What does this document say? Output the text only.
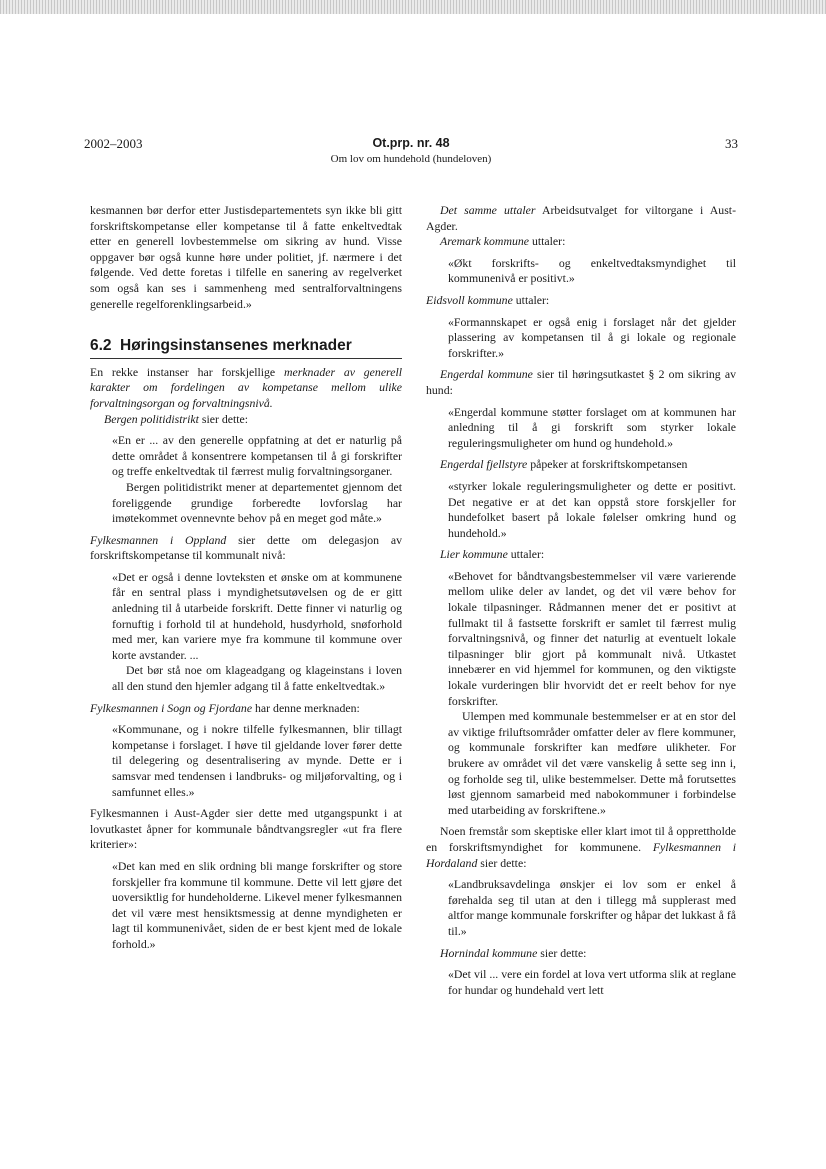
2002–2003	Ot.prp. nr. 48
Om lov om hundehold (hundeloven)
33

kesmannen bør derfor etter Justisdepartementets syn ikke bli gitt forskriftskompetanse eller kompetanse til å fatte enkeltvedtak etter en generell lovbestemmelse om sikring av hund. Visse oppgaver bør også kunne høre under politiet, jf. nærmere i det følgende. Ved dette foretas i tilfelle en sanering av regelverket som også kan ses i sammenheng med sentralforvaltningens generelle regelforenklingsarbeid.»

6.2 Høringsinstansenes merknader

En rekke instanser har forskjellige merknader av generell karakter om fordelingen av kompetanse mellom ulike forvaltningsorgan og forvaltningsnivå.

Bergen politidistrikt sier dette:

«En er ... av den generelle oppfatning at det er naturlig på dette området å konsentrere kompetansen til å gi forskrifter og treffe enkeltvedtak til færrest mulig forvaltningsorganer.

Bergen politidistrikt mener at departementet gjennom det foreliggende grundige forberedte lovforslag har imøtekommet ovennevnte behov på en meget god måte.»

Fylkesmannen i Oppland sier dette om delegasjon av forskriftskompetanse til kommunalt nivå:

«Det er også i denne lovteksten et ønske om at kommunene får en sentral plass i myndighetsutøvelsen og de er gitt anledning til å utarbeide forskrift. Dette finner vi naturlig og fornuftig i forhold til at hundehold, husdyrhold, snøforhold med mer, kan variere mye fra kommune til kommune over korte avstander. ...

Det bør stå noe om klageadgang og klageinstans i loven all den stund den hjemler adgang til å fatte enkeltvedtak.»

Fylkesmannen i Sogn og Fjordane har denne merknaden:

«Kommunane, og i nokre tilfelle fylkesmannen, blir tillagt kompetanse i forslaget. I høve til gjeldande lover fører dette til delegering og desentralisering av mynde. Dette er i samsvar med tendensen i landbruks- og miljøforvalting, og i samfunnet elles.»

Fylkesmannen i Aust-Agder sier dette med utgangspunkt i at lovutkastet åpner for kommunale båndtvangsregler «ut fra flere kriterier»:

«Det kan med en slik ordning bli mange forskrifter og store forskjeller fra kommune til kommune. Dette vil lett gjøre det uoversiktlig for hundeholderne. Likevel mener fylkesmannen det vil være mest hensiktsmessig at denne myndigheten er lagt til kommunenivået, siden de er best kjent med de lokale forhold.»

Det samme uttaler Arbeidsutvalget for viltorgane i Aust-Agder.

Aremark kommune uttaler:

«Økt forskrifts- og enkeltvedtaksmyndighet til kommunenivå er positivt.»

Eidsvoll kommune uttaler:

«Formannskapet er også enig i forslaget når det gjelder plassering av kompetansen til å gi lokale og regionale forskrifter.»

Engerdal kommune sier til høringsutkastet § 2 om sikring av hund:

«Engerdal kommune støtter forslaget om at kommunen har anledning til å gi forskrift som styrker lokale reguleringsmuligheter om hund og hundehold.»

Engerdal fjellstyre påpeker at forskriftskompetansen

«styrker lokale reguleringsmuligheter og dette er positivt. Det negative er at det kan oppstå store forskjeller for hundefolket basert på lokale følelser omkring hund og hundehold.»

Lier kommune uttaler:

«Behovet for båndtvangsbestemmelser vil være varierende mellom ulike deler av landet, og det vil være behov for lokale tilpasninger. Rådmannen mener det er positivt at fullmakt til å fastsette forskrift er samlet til færrest mulig forvaltningsnivå, og finner det naturlig at eventuelt lokale tilpasninger blir gjort på kommunalt nivå. Utkastet innebærer en vid hjemmel for kommunen, og den viktigste lokale vurderingen blir hvorvidt det er reelt behov for nye forskrifter.

Ulempen med kommunale bestemmelser er at en stor del av viktige friluftsområder omfatter deler av flere kommuner, og kommunale forskrifter kan medføre ulikheter. For brukere av området vil det være vanskelig å sette seg inn i, og forholde seg til, ulike bestemmelser. Dette må forutsettes løst gjennom samarbeid med nabokommuner i forbindelse med utarbeiding av forskriftene.»

Noen fremstår som skeptiske eller klart imot til å opprettholde en forskriftsmyndighet for kommunene. Fylkesmannen i Hordaland sier dette:

«Landbruksavdelinga ønskjer ei lov som er enkel å førehalda seg til utan at den i tillegg må supplerast med altfor mange kommunale forskrifter og håpar det lukkast å få til.»

Hornindal kommune sier dette:

«Det vil ... vere ein fordel at lova vert utforma slik at reglane for hundar og hundehald vert lett
